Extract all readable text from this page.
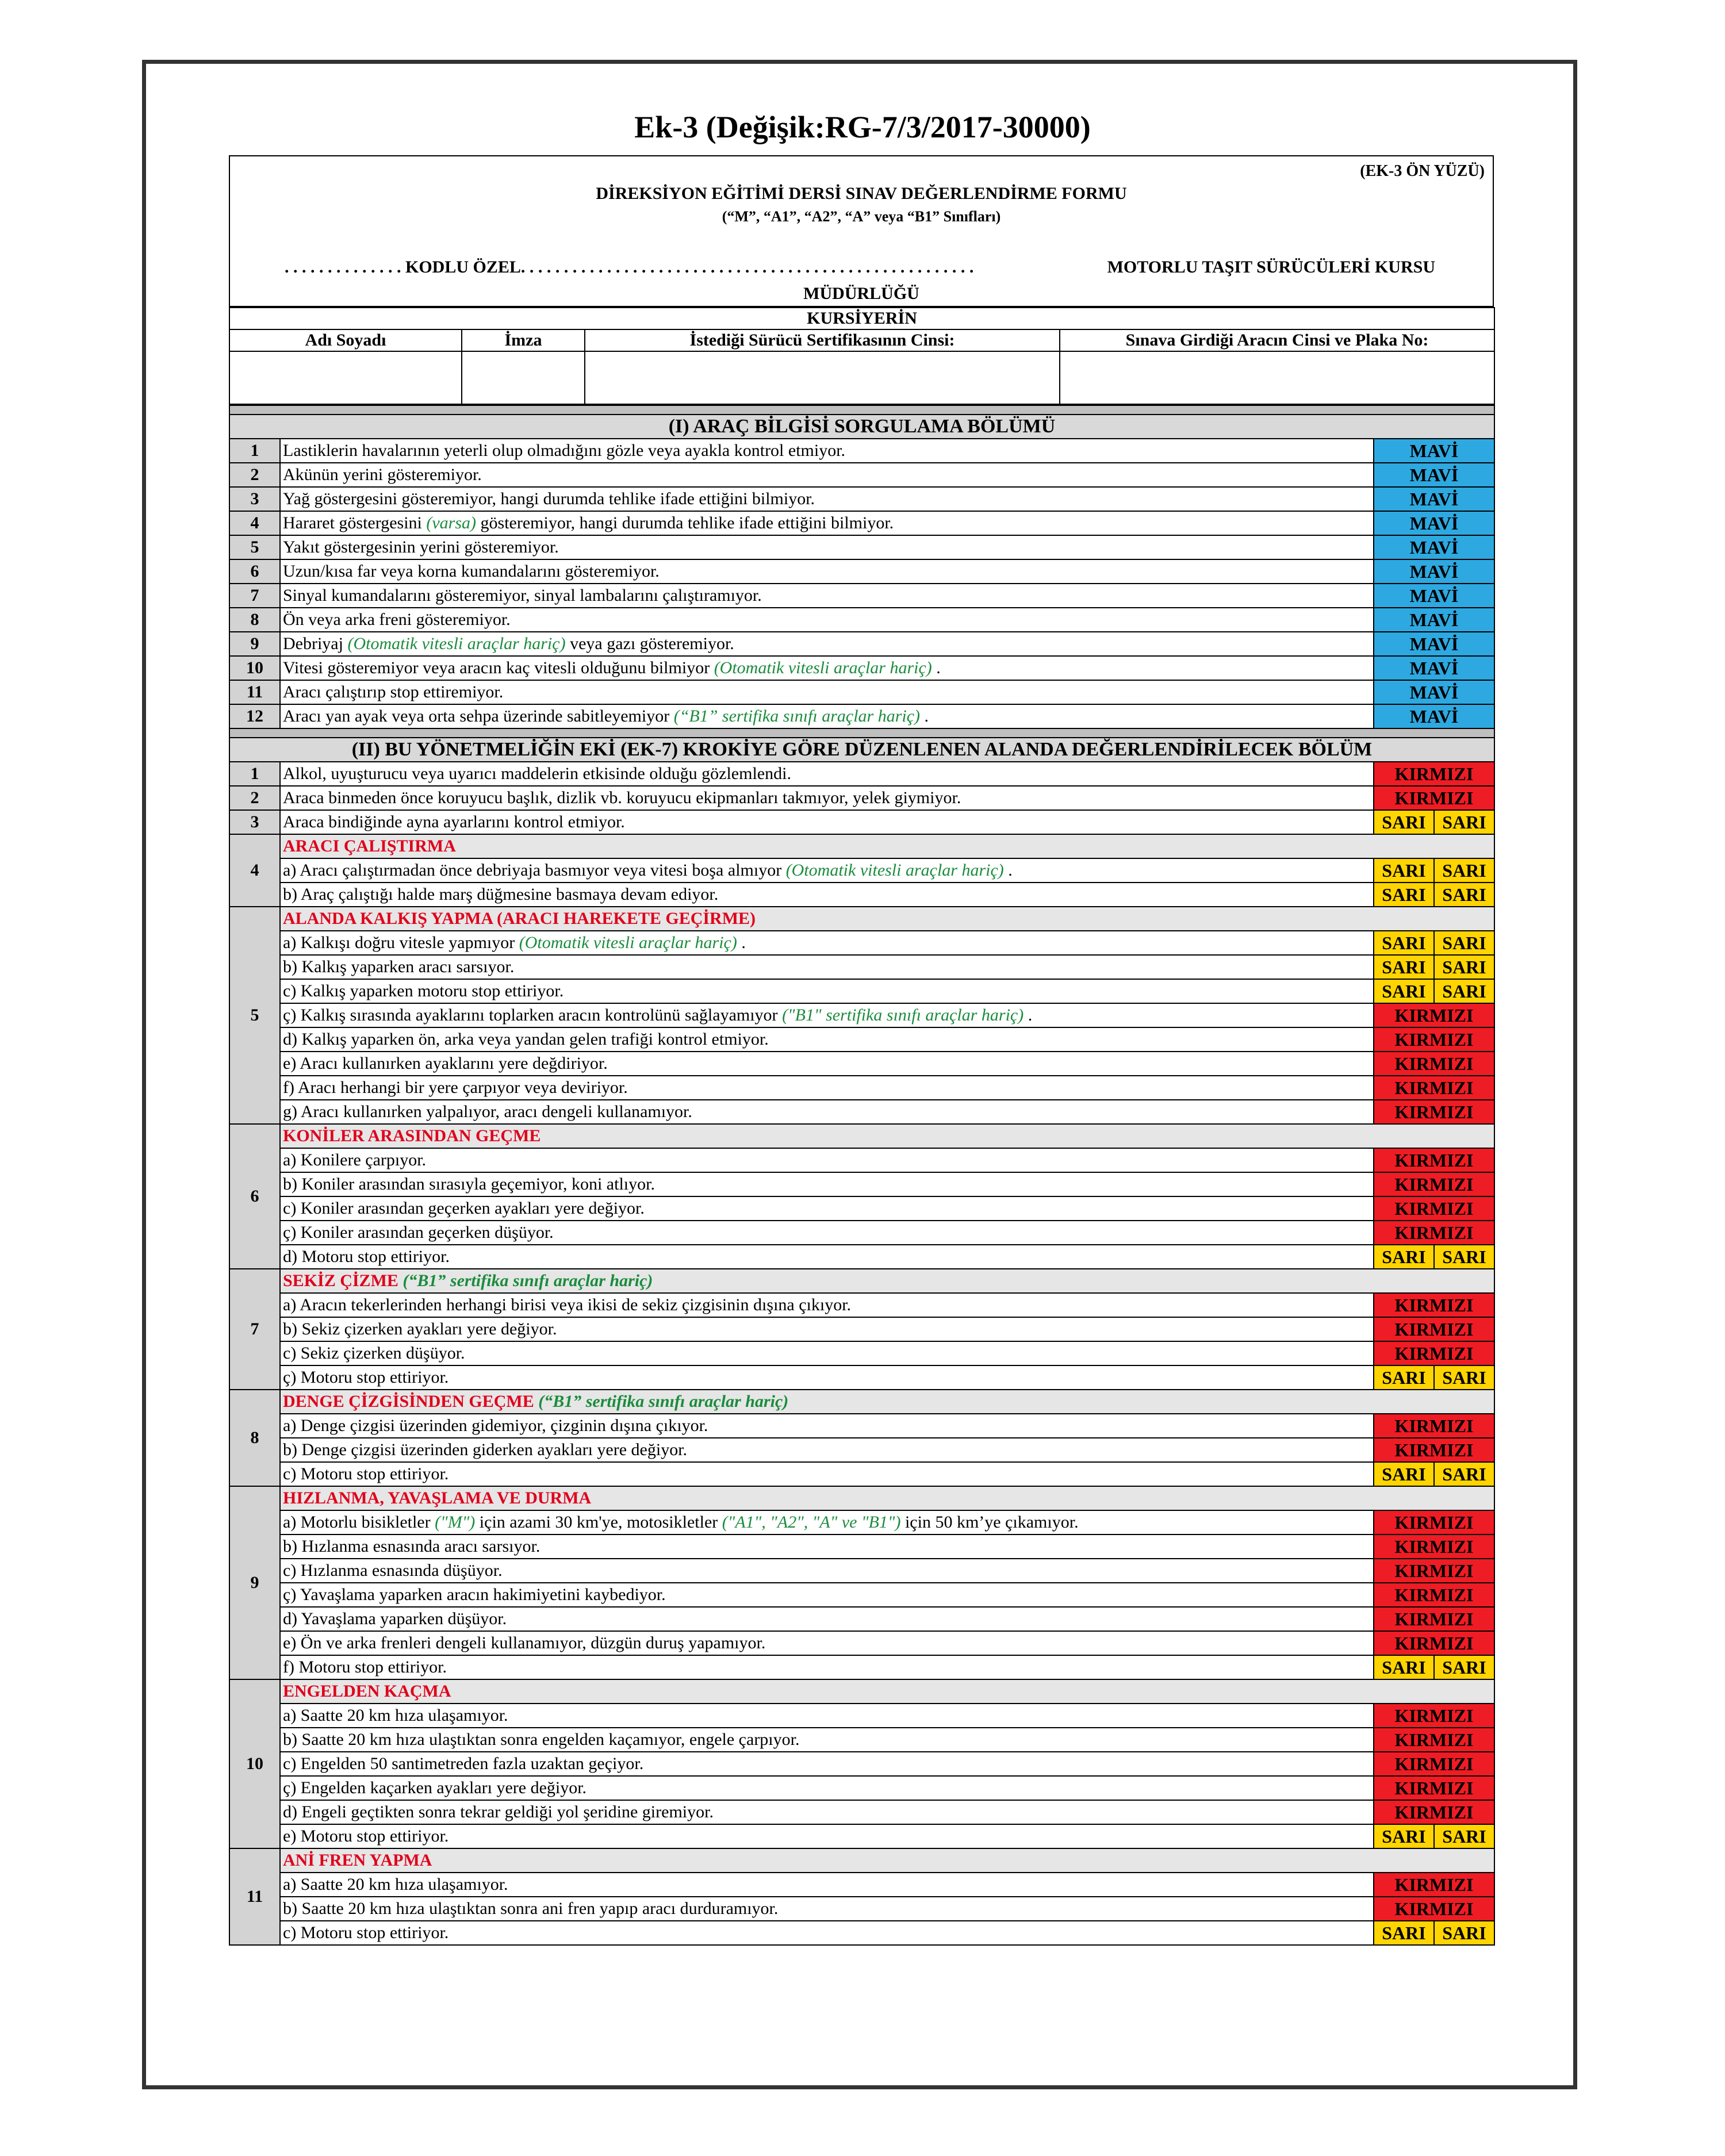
Ek-3 (Değişik:RG-7/3/2017-30000)
(EK-3 ÖN YÜZÜ)
DİREKSİYON EĞİTİMİ DERSİ SINAV DEĞERLENDİRME FORMU
(“M”, “A1”, “A2”, “A” veya “B1” Sınıfları)
. . . . . . . . . . . . . . KODLU ÖZEL. . . . . . . . . . . . . . . . . . . . . . . . . . . . . . . . . . . . . . . . . . . . . . . . . . . . .	MOTORLU TAŞIT SÜRÜCÜLERİ KURSU
MÜDÜRLÜĞÜ
KURSİYERİN			
Adı Soyadı	İmza	İstediği Sürücü Sertifikasının Cinsi:	Sınava Girdiği Aracın Cinsi ve Plaka No:

(I) ARAÇ BİLGİSİ SORGULAMA BÖLÜMÜ			
1	Lastiklerin havalarının yeterli olup olmadığını gözle veya ayakla kontrol etmiyor.	MAVİ	
2	Akünün yerini gösteremiyor.	MAVİ	
3	Yağ göstergesini gösteremiyor, hangi durumda tehlike ifade ettiğini bilmiyor.	MAVİ	
4	Hararet göstergesini (varsa) gösteremiyor, hangi durumda tehlike ifade ettiğini bilmiyor.	MAVİ	
5	Yakıt göstergesinin yerini gösteremiyor.	MAVİ	
6	Uzun/kısa far veya korna kumandalarını gösteremiyor.	MAVİ	
7	Sinyal kumandalarını gösteremiyor, sinyal lambalarını çalıştıramıyor.	MAVİ	
8	Ön veya arka freni gösteremiyor.	MAVİ	
9	Debriyaj (Otomatik vitesli araçlar hariç) veya gazı gösteremiyor.	MAVİ	
10	Vitesi gösteremiyor veya aracın kaç vitesli olduğunu bilmiyor (Otomatik vitesli araçlar hariç) .	MAVİ	
11	Aracı çalıştırıp stop ettiremiyor.	MAVİ	
12	Aracı yan ayak veya orta sehpa üzerinde sabitleyemiyor (“B1” sertifika sınıfı araçlar hariç) .	MAVİ	

(II) BU YÖNETMELİĞİN EKİ (EK-7) KROKİYE GÖRE DÜZENLENEN ALANDA DEĞERLENDİRİLECEK BÖLÜM			
1	Alkol, uyuşturucu veya uyarıcı maddelerin etkisinde olduğu gözlemlendi.	KIRMIZI	
2	Araca binmeden önce koruyucu başlık, dizlik vb. koruyucu ekipmanları takmıyor, yelek giymiyor.	KIRMIZI	
3	Araca bindiğinde ayna ayarlarını kontrol etmiyor.	SARI	SARI
4	ARACI ÇALIŞTIRMA		
	a) Aracı çalıştırmadan önce debriyaja basmıyor veya vitesi boşa almıyor (Otomatik vitesli araçlar hariç) .	SARI	SARI
	b) Araç çalıştığı halde marş düğmesine basmaya devam ediyor.	SARI	SARI
5	ALANDA KALKIŞ YAPMA (ARACI HAREKETE GEÇİRME)		
	a) Kalkışı doğru vitesle yapmıyor (Otomatik vitesli araçlar hariç) .	SARI	SARI
	b) Kalkış yaparken aracı sarsıyor.	SARI	SARI
	c) Kalkış yaparken motoru stop ettiriyor.	SARI	SARI
	ç) Kalkış sırasında ayaklarını toplarken aracın kontrolünü sağlayamıyor ("B1" sertifika sınıfı araçlar hariç) .	KIRMIZI	
	d) Kalkış yaparken ön, arka veya yandan gelen trafiği kontrol etmiyor.	KIRMIZI	
	e) Aracı kullanırken ayaklarını yere değdiriyor.	KIRMIZI	
	f) Aracı herhangi bir yere çarpıyor veya deviriyor.	KIRMIZI	
	g) Aracı kullanırken yalpalıyor, aracı dengeli kullanamıyor.	KIRMIZI	
6	KONİLER ARASINDAN GEÇME		
	a) Konilere çarpıyor.	KIRMIZI	
	b) Koniler arasından sırasıyla geçemiyor, koni atlıyor.	KIRMIZI	
	c) Koniler arasından geçerken ayakları yere değiyor.	KIRMIZI	
	ç) Koniler arasından geçerken düşüyor.	KIRMIZI	
	d) Motoru stop ettiriyor.	SARI	SARI
7	SEKİZ ÇİZME (“B1” sertifika sınıfı araçlar hariç)		
	a) Aracın tekerlerinden herhangi birisi veya ikisi de sekiz çizgisinin dışına çıkıyor.	KIRMIZI	
	b) Sekiz çizerken ayakları yere değiyor.	KIRMIZI	
	c) Sekiz çizerken düşüyor.	KIRMIZI	
	ç) Motoru stop ettiriyor.	SARI	SARI
8	DENGE ÇİZGİSİNDEN GEÇME (“B1” sertifika sınıfı araçlar hariç)		
	a) Denge çizgisi üzerinden gidemiyor, çizginin dışına çıkıyor.	KIRMIZI	
	b) Denge çizgisi üzerinden giderken ayakları yere değiyor.	KIRMIZI	
	c) Motoru stop ettiriyor.	SARI	SARI
9	HIZLANMA, YAVAŞLAMA VE DURMA		
	a) Motorlu bisikletler ("M") için azami 30 km'ye, motosikletler ("A1", "A2", "A" ve "B1") için 50 km’ye çıkamıyor.	KIRMIZI	
	b) Hızlanma esnasında aracı sarsıyor.	KIRMIZI	
	c) Hızlanma esnasında düşüyor.	KIRMIZI	
	ç) Yavaşlama yaparken aracın hakimiyetini kaybediyor.	KIRMIZI	
	d) Yavaşlama yaparken düşüyor.	KIRMIZI	
	e) Ön ve arka frenleri dengeli kullanamıyor, düzgün duruş yapamıyor.	KIRMIZI	
	f) Motoru stop ettiriyor.	SARI	SARI
10	ENGELDEN KAÇMA		
	a) Saatte 20 km hıza ulaşamıyor.	KIRMIZI	
	b) Saatte 20 km hıza ulaştıktan sonra engelden kaçamıyor, engele çarpıyor.	KIRMIZI	
	c) Engelden 50 santimetreden fazla uzaktan geçiyor.	KIRMIZI	
	ç) Engelden kaçarken ayakları yere değiyor.	KIRMIZI	
	d) Engeli geçtikten sonra tekrar geldiği yol şeridine giremiyor.	KIRMIZI	
	e) Motoru stop ettiriyor.	SARI	SARI
11	ANİ FREN YAPMA		
	a) Saatte 20 km hıza ulaşamıyor.	KIRMIZI	
	b) Saatte 20 km hıza ulaştıktan sonra ani fren yapıp aracı durduramıyor.	KIRMIZI	
	c) Motoru stop ettiriyor.	SARI	SARI
